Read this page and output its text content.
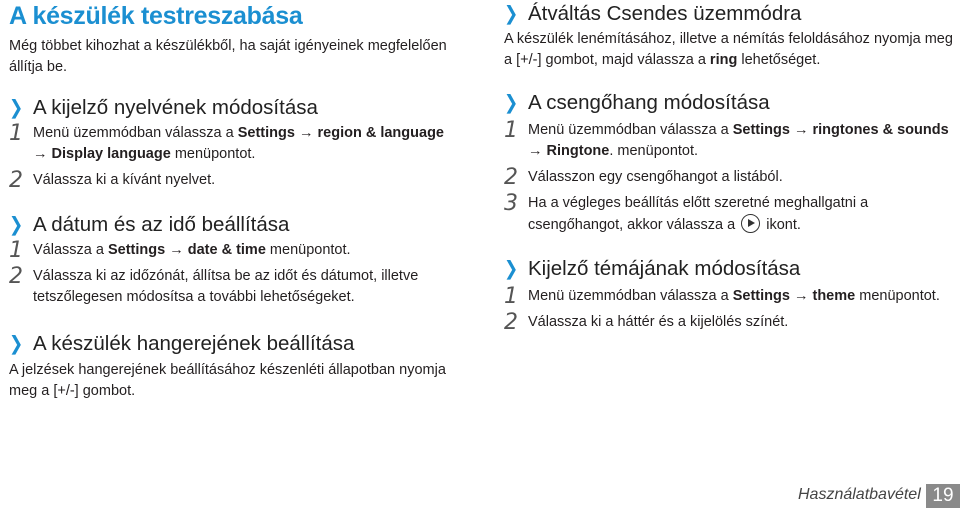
A készülék testreszabása
Még többet kihozhat a készülékből, ha saját igényeinek megfelelően állítja be.
❯ A kijelző nyelvének módosítása
1 Menü üzemmódban válassza a Settings → region & language → Display language menüpontot.
2 Válassza ki a kívánt nyelvet.
❯ A dátum és az idő beállítása
1 Válassza a Settings → date & time menüpontot.
2 Válassza ki az időzónát, állítsa be az időt és dátumot, illetve tetszőlegesen módosítsa a további lehetőségeket.
❯ A készülék hangerejének beállítása
A jelzések hangerejének beállításához készenléti állapotban nyomja meg a [+/-] gombot.
❯ Átváltás Csendes üzemmódra
A készülék lenémításához, illetve a némítás feloldásához nyomja meg a [+/-] gombot, majd válassza a ring lehetőséget.
❯ A csengőhang módosítása
1 Menü üzemmódban válassza a Settings → ringtones & sounds → Ringtone. menüpontot.
2 Válasszon egy csengőhangot a listából.
3 Ha a végleges beállítás előtt szeretné meghallgatni a csengőhangot, akkor válassza a  ikont.
❯ Kijelző témájának módosítása
1 Menü üzemmódban válassza a Settings → theme menüpontot.
2 Válassza ki a háttér és a kijelölés színét.
Használatbavétel 19
